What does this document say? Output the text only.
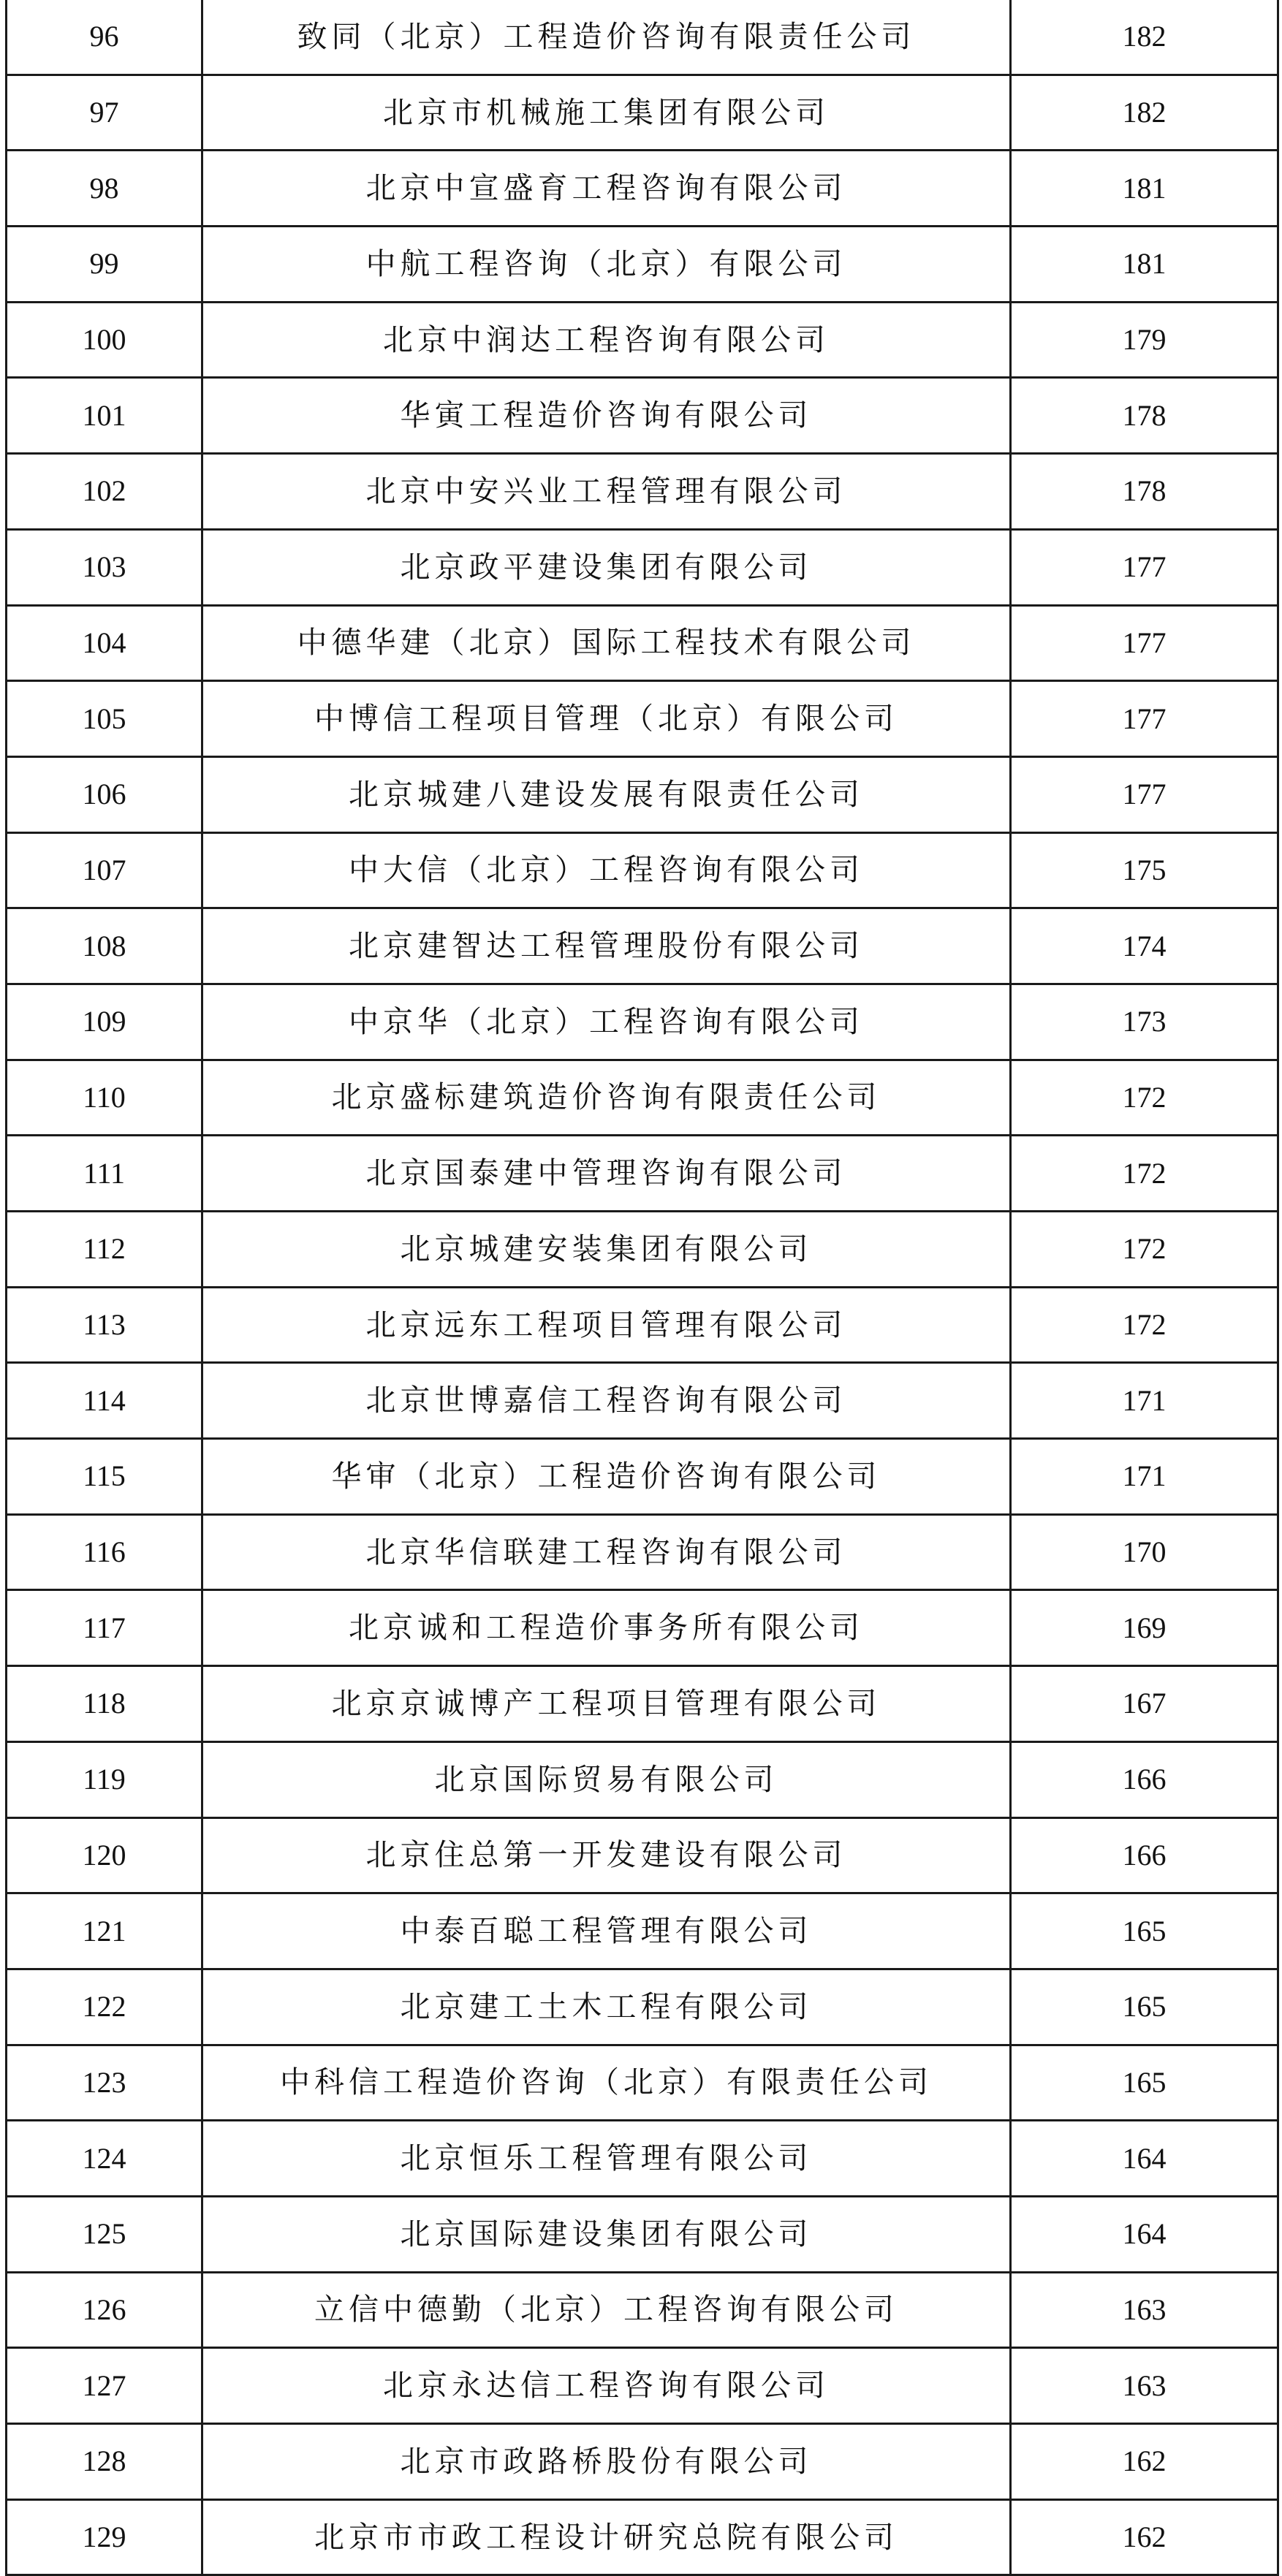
96	致同（北京）工程造价咨询有限责任公司	182
97	北京市机械施工集团有限公司	182
98	北京中宣盛育工程咨询有限公司	181
99	中航工程咨询（北京）有限公司	181
100	北京中润达工程咨询有限公司	179
101	华寅工程造价咨询有限公司	178
102	北京中安兴业工程管理有限公司	178
103	北京政平建设集团有限公司	177
104	中德华建（北京）国际工程技术有限公司	177
105	中博信工程项目管理（北京）有限公司	177
106	北京城建八建设发展有限责任公司	177
107	中大信（北京）工程咨询有限公司	175
108	北京建智达工程管理股份有限公司	174
109	中京华（北京）工程咨询有限公司	173
110	北京盛标建筑造价咨询有限责任公司	172
111	北京国泰建中管理咨询有限公司	172
112	北京城建安装集团有限公司	172
113	北京远东工程项目管理有限公司	172
114	北京世博嘉信工程咨询有限公司	171
115	华审（北京）工程造价咨询有限公司	171
116	北京华信联建工程咨询有限公司	170
117	北京诚和工程造价事务所有限公司	169
118	北京京诚博产工程项目管理有限公司	167
119	北京国际贸易有限公司	166
120	北京住总第一开发建设有限公司	166
121	中泰百聪工程管理有限公司	165
122	北京建工土木工程有限公司	165
123	中科信工程造价咨询（北京）有限责任公司	165
124	北京恒乐工程管理有限公司	164
125	北京国际建设集团有限公司	164
126	立信中德勤（北京）工程咨询有限公司	163
127	北京永达信工程咨询有限公司	163
128	北京市政路桥股份有限公司	162
129	北京市市政工程设计研究总院有限公司	162
